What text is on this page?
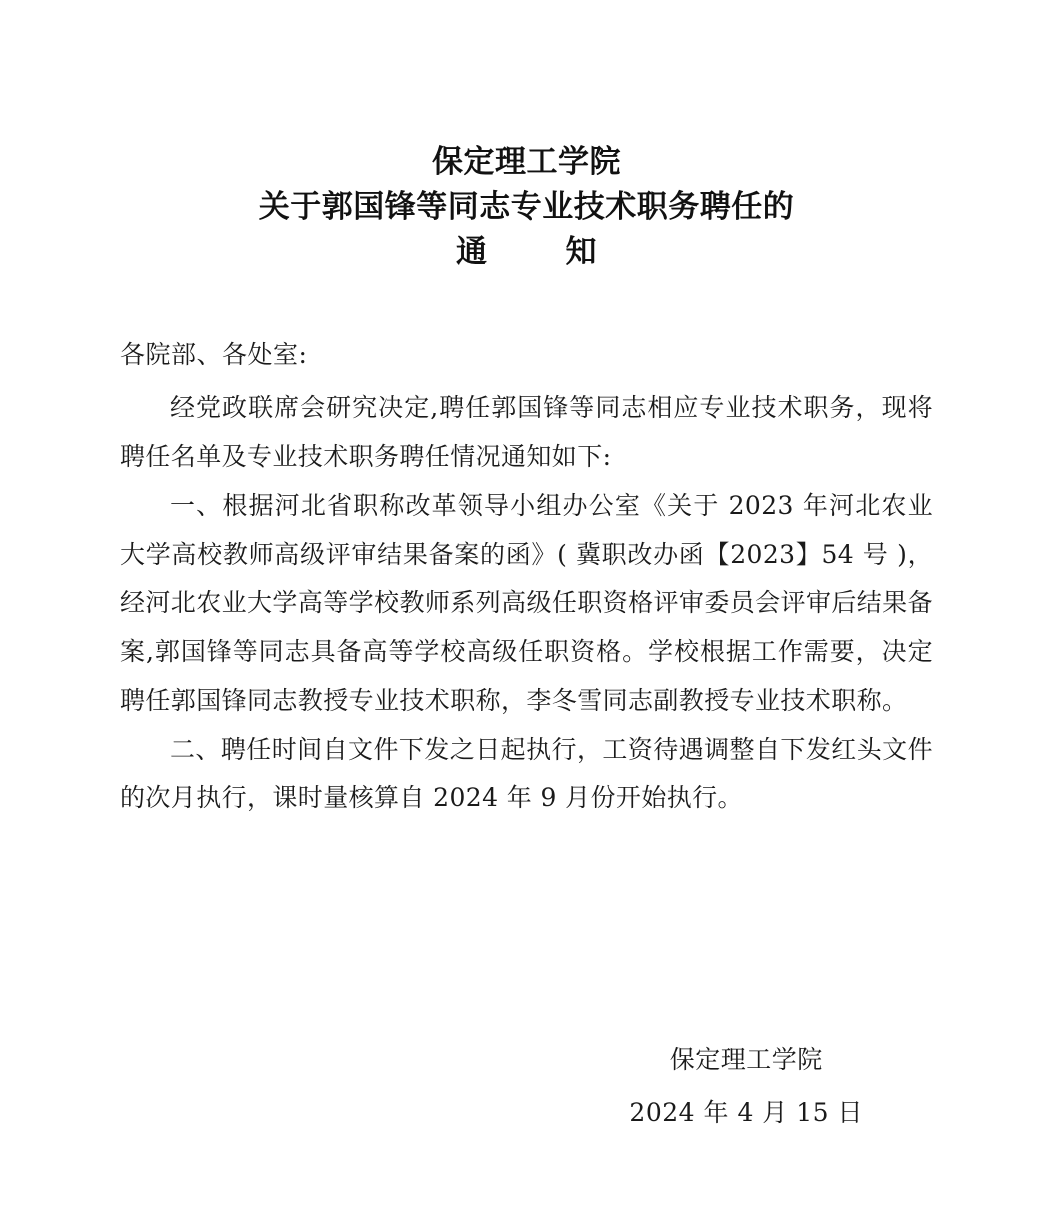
保定理工学院
关于郭国锋等同志专业技术职务聘任的
通	知

各院部、各处室:

经党政联席会研究决定,聘任郭国锋等同志相应专业技术职务，现将聘任名单及专业技术职务聘任情况通知如下:

一、根据河北省职称改革领导小组办公室《关于 2023 年河北农业大学高校教师高级评审结果备案的函》( 冀职改办函【2023】54 号 )，经河北农业大学高等学校教师系列高级任职资格评审委员会评审后结果备案,郭国锋等同志具备高等学校高级任职资格。学校根据工作需要，决定聘任郭国锋同志教授专业技术职称，李冬雪同志副教授专业技术职称。

二、聘任时间自文件下发之日起执行，工资待遇调整自下发红头文件的次月执行，课时量核算自 2024 年 9 月份开始执行。

保定理工学院
2024 年 4 月 15 日
